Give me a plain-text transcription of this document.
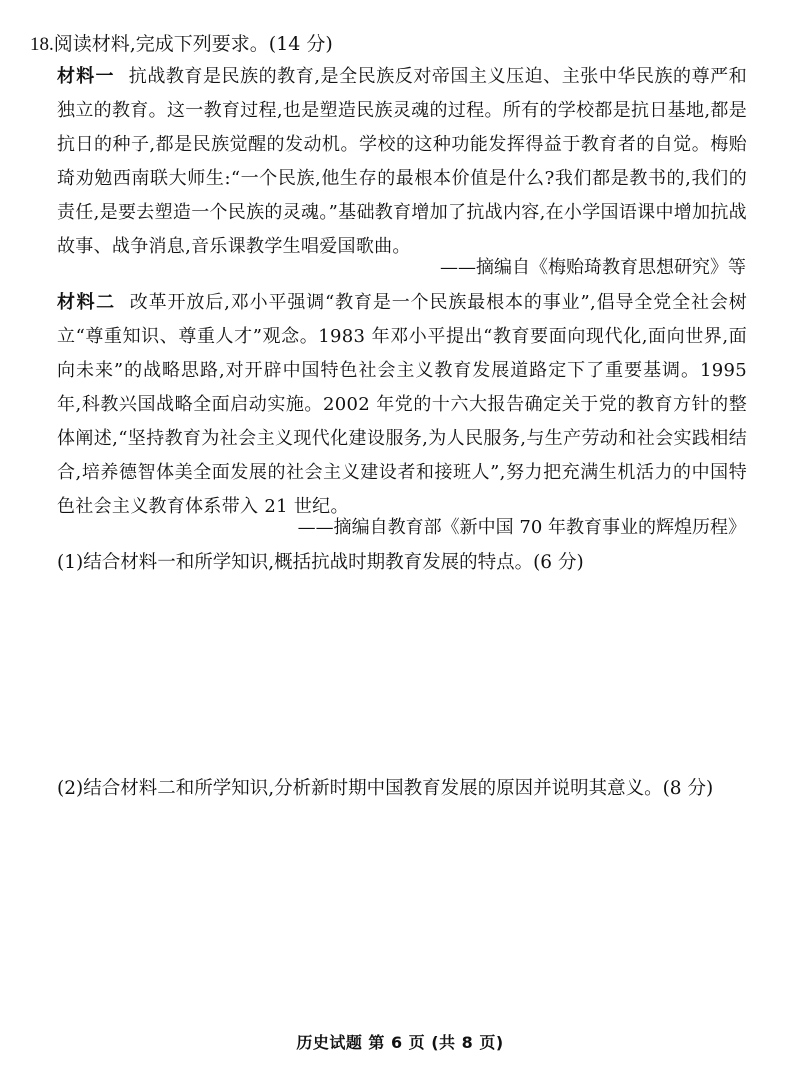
18.阅读材料,完成下列要求。(14 分)
材料一 抗战教育是民族的教育,是全民族反对帝国主义压迫、主张中华民族的尊严和独立的教育。这一教育过程,也是塑造民族灵魂的过程。所有的学校都是抗日基地,都是抗日的种子,都是民族觉醒的发动机。学校的这种功能发挥得益于教育者的自觉。梅贻琦劝勉西南联大师生:“一个民族,他生存的最根本价值是什么?我们都是教书的,我们的责任,是要去塑造一个民族的灵魂。”基础教育增加了抗战内容,在小学国语课中增加抗战故事、战争消息,音乐课教学生唱爱国歌曲。
——摘编自《梅贻琦教育思想研究》等
材料二 改革开放后,邓小平强调“教育是一个民族最根本的事业”,倡导全党全社会树立“尊重知识、尊重人才”观念。1983 年邓小平提出“教育要面向现代化,面向世界,面向未来”的战略思路,对开辟中国特色社会主义教育发展道路定下了重要基调。1995 年,科教兴国战略全面启动实施。2002 年党的十六大报告确定关于党的教育方针的整体阐述,“坚持教育为社会主义现代化建设服务,为人民服务,与生产劳动和社会实践相结合,培养德智体美全面发展的社会主义建设者和接班人”,努力把充满生机活力的中国特色社会主义教育体系带入 21 世纪。
——摘编自教育部《新中国 70 年教育事业的辉煌历程》
(1)结合材料一和所学知识,概括抗战时期教育发展的特点。(6 分)
(2)结合材料二和所学知识,分析新时期中国教育发展的原因并说明其意义。(8 分)
历史试题 第 6 页 (共 8 页)
